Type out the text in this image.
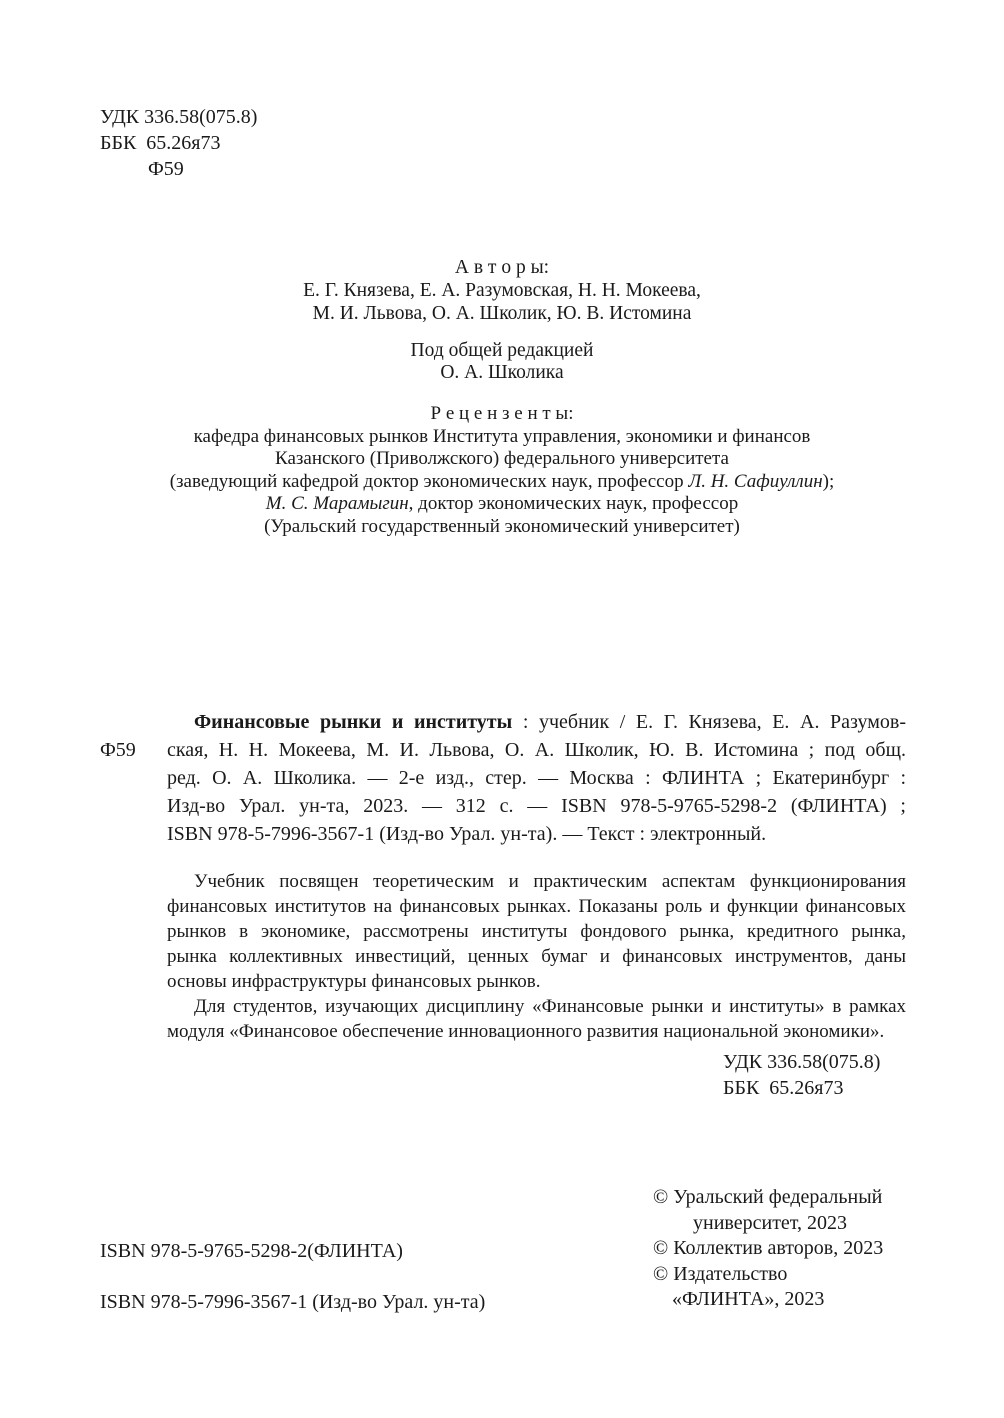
УДК 336.58(075.8)
ББК  65.26я73
Ф59
А в т о р ы:
Е. Г. Князева, Е. А. Разумовская, Н. Н. Мокеева,
М. И. Львова, О. А. Школик, Ю. В. Истомина
Под общей редакцией
О. А. Школика
Р е ц е н з е н т ы:
кафедра финансовых рынков Института управления, экономики и финансов
Казанского (Приволжского) федерального университета
(заведующий кафедрой доктор экономических наук, профессор Л. Н. Сафиуллин);
М. С. Марамыгин, доктор экономических наук, профессор
(Уральский государственный экономический университет)
Ф59
Финансовые рынки и институты : учебник / Е. Г. Князева, Е. А. Разумов-
ская, Н. Н. Мокеева, М. И. Львова, О. А. Школик, Ю. В. Истомина ; под общ.
ред. О. А. Школика. — 2-е изд., стер. — Москва : ФЛИНТА ; Екатеринбург :
Изд-во Урал. ун-та, 2023. — 312 с. — ISBN 978-5-9765-5298-2 (ФЛИНТА) ;
ISBN 978-5-7996-3567-1 (Изд-во Урал. ун-та). — Текст : электронный.
Учебник посвящен теоретическим и практическим аспектам функционирования
финансовых институтов на финансовых рынках. Показаны роль и функции финансовых
рынков в экономике, рассмотрены институты фондового рынка, кредитного рынка,
рынка коллективных инвестиций, ценных бумаг и финансовых инструментов, даны
основы инфраструктуры финансовых рынков.
Для студентов, изучающих дисциплину «Финансовые рынки и институты» в рамках
модуля «Финансовое обеспечение инновационного развития национальной экономики».
УДК 336.58(075.8)
ББК  65.26я73
ISBN 978-5-9765-5298-2(ФЛИНТА)
ISBN 978-5-7996-3567-1 (Изд-во Урал. ун-та)
© Уральский федеральный
университет, 2023
© Коллектив авторов, 2023
© Издательство
«ФЛИНТА», 2023
